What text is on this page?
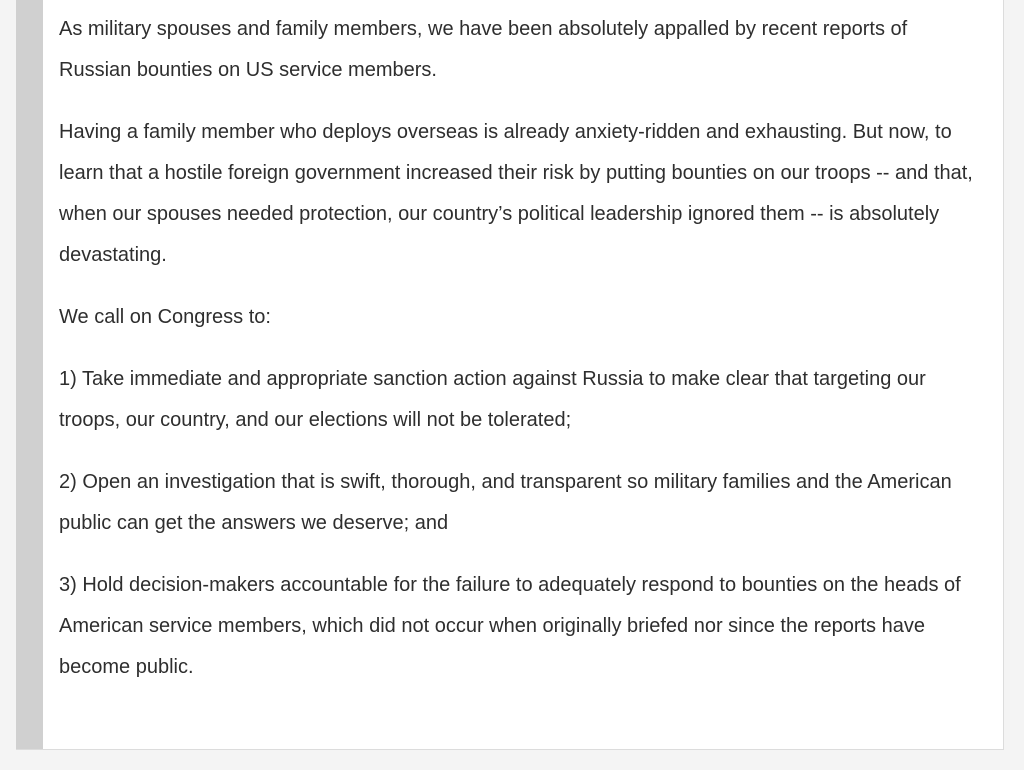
As military spouses and family members, we have been absolutely appalled by recent reports of Russian bounties on US service members.

Having a family member who deploys overseas is already anxiety-ridden and exhausting. But now, to learn that a hostile foreign government increased their risk by putting bounties on our troops -- and that, when our spouses needed protection, our country’s political leadership ignored them -- is absolutely devastating.

We call on Congress to:

1) Take immediate and appropriate sanction action against Russia to make clear that targeting our troops, our country, and our elections will not be tolerated;

2) Open an investigation that is swift, thorough, and transparent so military families and the American public can get the answers we deserve; and

3) Hold decision-makers accountable for the failure to adequately respond to bounties on the heads of American service members, which did not occur when originally briefed nor since the reports have become public.
